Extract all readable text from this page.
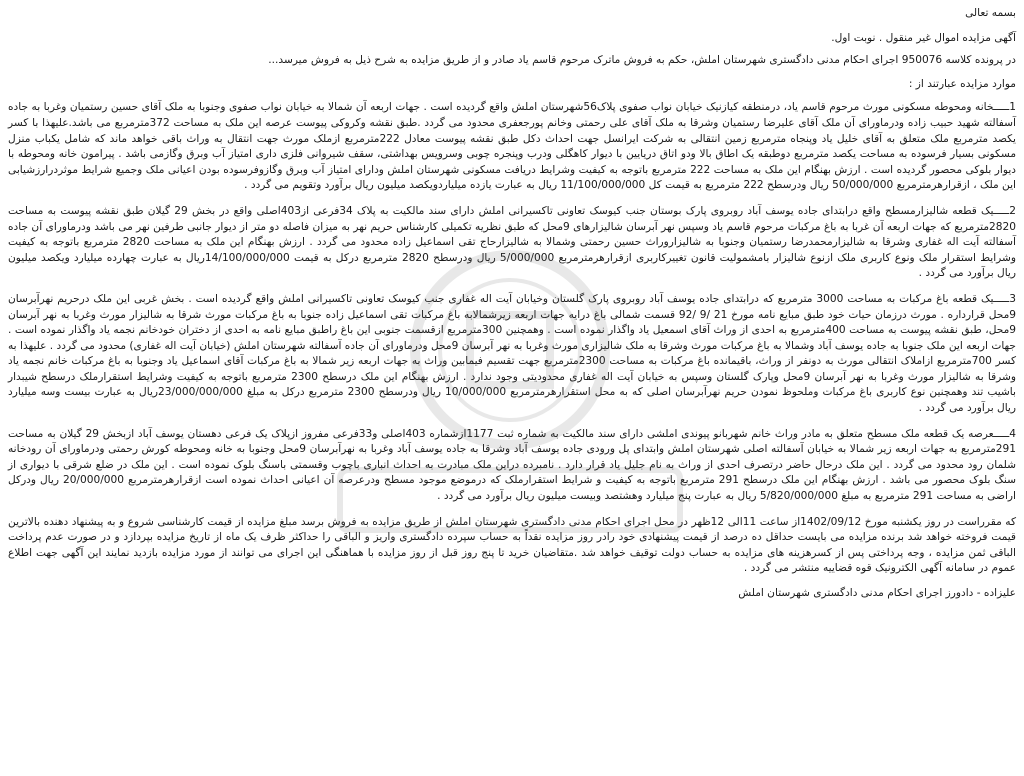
بسمه تعالی

آگهی مزایده اموال غیر منقول . نوبت اول.

در پرونده کلاسه 950076 اجرای احکام مدنی دادگستری شهرستان املش، حکم به فروش ماترک مرحوم قاسم یاد صادر و از طریق مزایده به شرح ذیل به فروش میرسد...

موارد مزایده عبارتند از :

1ـــــخانه ومحوطه مسکونی مورث مرحوم قاسم یاد، درمنطقه کیازنیک خیابان نواب صفوی پلاک56شهرستان املش واقع گردیده است . جهات اربعه آن شمالا به خیابان نواب صفوی وجنوبا به ملک آقای حسین رستمیان وغربا به جاده آسفالته شهید حبیب زاده ودرماورای آن ملک آقای علیرضا رستمیان وشرقا به ملک آقای علی رحمتی وخانم پورجعفری محدود می گردد .طبق نقشه وکروکی پیوست عرصه این ملک به مساحت 372مترمربع می باشد.علیهذا با کسر یکصد مترمربع ملک متعلق به آقای خلیل یاد وپنجاه مترمربع زمین انتقالی به شرکت ایرانسل جهت احداث دکل طبق نقشه پیوست معادل 222مترمربع ازملک مورث جهت انتقال به وراث باقی خواهد ماند که شامل یکباب منزل مسکونی بسیار فرسوده به مساحت یکصد مترمربع دوطبقه یک اطاق بالا ودو اتاق دریایین با دیوار کاهگلی ودرب وپنجره چوبی وسرویس بهداشتی، سقف شیروانی فلزی داری امتیاز آب وبرق وگازمی باشد . پیرامون خانه ومحوطه با دیوار بلوکی محصور گردیده است . ارزش بهنگام این ملک به مساحت 222 مترمربع باتوجه به کیفیت وشرایط دریافت مسکونی شهرستان املش ودارای امتیاز آب وبرق وگازوفرسوده بودن اعیانی ملک وجمیع شرایط موثردرارزشیابی این ملک ، ازقرارهرمترمربع 50/000/000 ریال ودرسطح 222 مترمربع به قیمت کل 11/100/000/000 ریال به عبارت یازده میلیاردویکصد میلیون ریال برآورد وتقویم می گردد .

2ـــــیک قطعه شالیزارمسطح واقع درابتدای جاده یوسف آباد روبروی پارک بوستان جنب کیوسک تعاونی تاکسیرانی املش دارای سند مالکیت به پلاک 34فرعی از403اصلی واقع در بخش 29 گیلان طبق نقشه پیوست به مساحت 2820مترمربع که جهات اربعه آن غربا به باغ مرکبات مرحوم قاسم یاد وسپس نهر آبرسان شالیزارهای 9محل که طبق نظریه تکمیلی کارشناس حریم نهر به میزان فاصله دو متر از دیوار جانبی طرفین نهر می باشد ودرماورای آن جاده آسفالته آیت اله غفاری وشرقا به شالیزارمحمدرضا رستمیان وجنوبا به شالیزاروراث حسین رحمتی وشمالا به شالیزارحاج تقی اسماعیل زاده محدود می گردد . ارزش بهنگام این ملک به مساحت 2820 مترمربع باتوجه به کیفیت وشرایط استقرار ملک ونوع کاربری ملک ازنوع شالیزار بامشمولیت قانون تغییرکاربری ازقرارهرمترمربع 5/000/000 ریال ودرسطح 2820 مترمربع درکل به قیمت 14/100/000/000ریال به عبارت چهارده میلیارد ویکصد میلیون ریال برآورد می گردد .

3ـــــیک قطعه باغ مرکبات به مساحت 3000 مترمربع که درابتدای جاده یوسف آباد روبروی پارک گلستان وخیابان آیت اله غفاری جنب کیوسک تعاونی تاکسیرانی املش واقع گردیده است . بخش غربی این ملک درحریم نهرآبرسان 9محل قرارداره . مورث درزمان حیات خود طبق مبایع نامه مورخ 21 /9 /92 قسمت شمالی باغ درایه جهات اربعه زیرشمالابه باغ مرکبات تقی اسماعیل زاده جنوبا به باغ مرکبات مورث شرقا به شالیزار مورث وغربا به نهر آبرسان 9محل، طبق نقشه پیوست به مساحت 400مترمربع به احدی از وراث آقای اسمعیل یاد واگذار نموده است . وهمچنین 300مترمربع ازقسمت جنوبی این باغ راطبق مبایع نامه به احدی از دختران خودخانم نجمه یاد واگذار نموده است . جهات اربعه این ملک جنوبا به جاده یوسف آباد وشمالا به باغ مرکبات مورث وشرقا به ملک شالیزاری مورث وغربا به نهر آبرسان 9محل ودرماورای آن جاده آسفالته شهرستان املش (خیابان آیت اله غفاری) محدود می گردد . علیهذا به کسر 700مترمربع ازاملاک انتقالی مورث به دونفر از وراث، باقیمانده باغ مرکبات به مساحت 2300مترمربع جهت تقسیم فیمابین وراث به جهات اربعه زیر شمالا به باغ مرکبات آقای اسماعیل یاد وجنوبا به باغ مرکبات خانم نجمه یاد وشرقا به شالیزار مورث وغربا به نهر آبرسان 9محل وپارک گلستان وسپس به خیابان آیت اله غفاری محدودیتی وجود ندارد . ارزش بهنگام این ملک درسطح 2300 مترمربع باتوجه به کیفیت وشرایط استقرارملک درسطح شیبدار باشیب تند وهمچنین نوع کاربری باغ مرکبات وملحوظ نمودن حریم نهرآبرسان اصلی که به محل استقرارهرمترمربع 10/000/000 ریال ودرسطح 2300 مترمربع درکل به مبلغ 23/000/000/000ریال به عبارت بیست وسه میلیارد ریال برآورد می گردد .

4ـــــعرصه یک قطعه ملک مسطح متعلق به مادر وراث خانم شهربانو پیوندی املشی دارای سند مالکیت به شماره ثبت 1177ازشماره 403اصلی و33فرعی مفروز ازپلاک یک فرعی دهستان یوسف آباد ازبخش 29 گیلان به مساحت 291مترمربع به جهات اربعه زیر شمالا به خیابان آسفالته اصلی شهرستان املش وابتدای پل ورودی جاده یوسف آباد وشرقا به جاده یوسف آباد وغربا به نهرآبرسان 9محل وجنوبا به خانه ومحوطه کورش رحمتی ودرماورای آن رودخانه شلمان رود محدود می گردد . این ملک درحال حاضر درتصرف احدی از وراث به نام جلیل یاد قرار دارد . نامبرده دراین ملک مبادرت به احداث انباری باچوب وقسمتی باسنگ بلوک نموده است . این ملک در ضلع شرقی با دیواری از سنگ بلوک محصور می باشد . ارزش بهنگام این ملک درسطح 291 مترمربع باتوجه به کیفیت و شرایط استقرارملک که درموضع موجود مسطح ودرعرصه آن اعیانی احداث نموده است ازقرارهرمترمربع 20/000/000 ریال ودرکل اراضی به مساحت 291 مترمربع به مبلغ 5/820/000/000 ریال به عبارت پنج میلیارد وهشتصد وبیست میلیون ریال برآورد می گردد .

که مقرراست در روز یکشنبه مورخ 1402/09/12از ساعت 11الی 12ظهر در محل اجرای احکام مدنی دادگستری شهرستان املش از طریق مزایده به فروش برسد مبلغ مزایده از قیمت کارشناسی شروع و به پیشنهاد دهنده بالاترین قیمت فروخته خواهد شد برنده مزایده می بایست حداقل ده درصد از قیمت پیشنهادی خود رادر روز مزایده نقداً به حساب سپرده دادگستری واریز و الباقی را حداکثر ظرف یک ماه از تاریخ مزایده بپردازد و در صورت عدم پرداخت الباقی ثمن مزایده ، وجه پرداختی پس از کسرهزینه های مزایده به حساب دولت توقیف خواهد شد .متقاضیان خرید تا پنج روز قبل از روز مزایده با هماهنگی این اجرای می توانند از مورد مزایده بازدید نمایند این آگهی جهت اطلاع عموم در سامانه آگهی الکترونیک قوه قضاییه منتشر می گردد .

علیزاده - دادورز اجرای احکام مدنی دادگستری شهرستان املش
